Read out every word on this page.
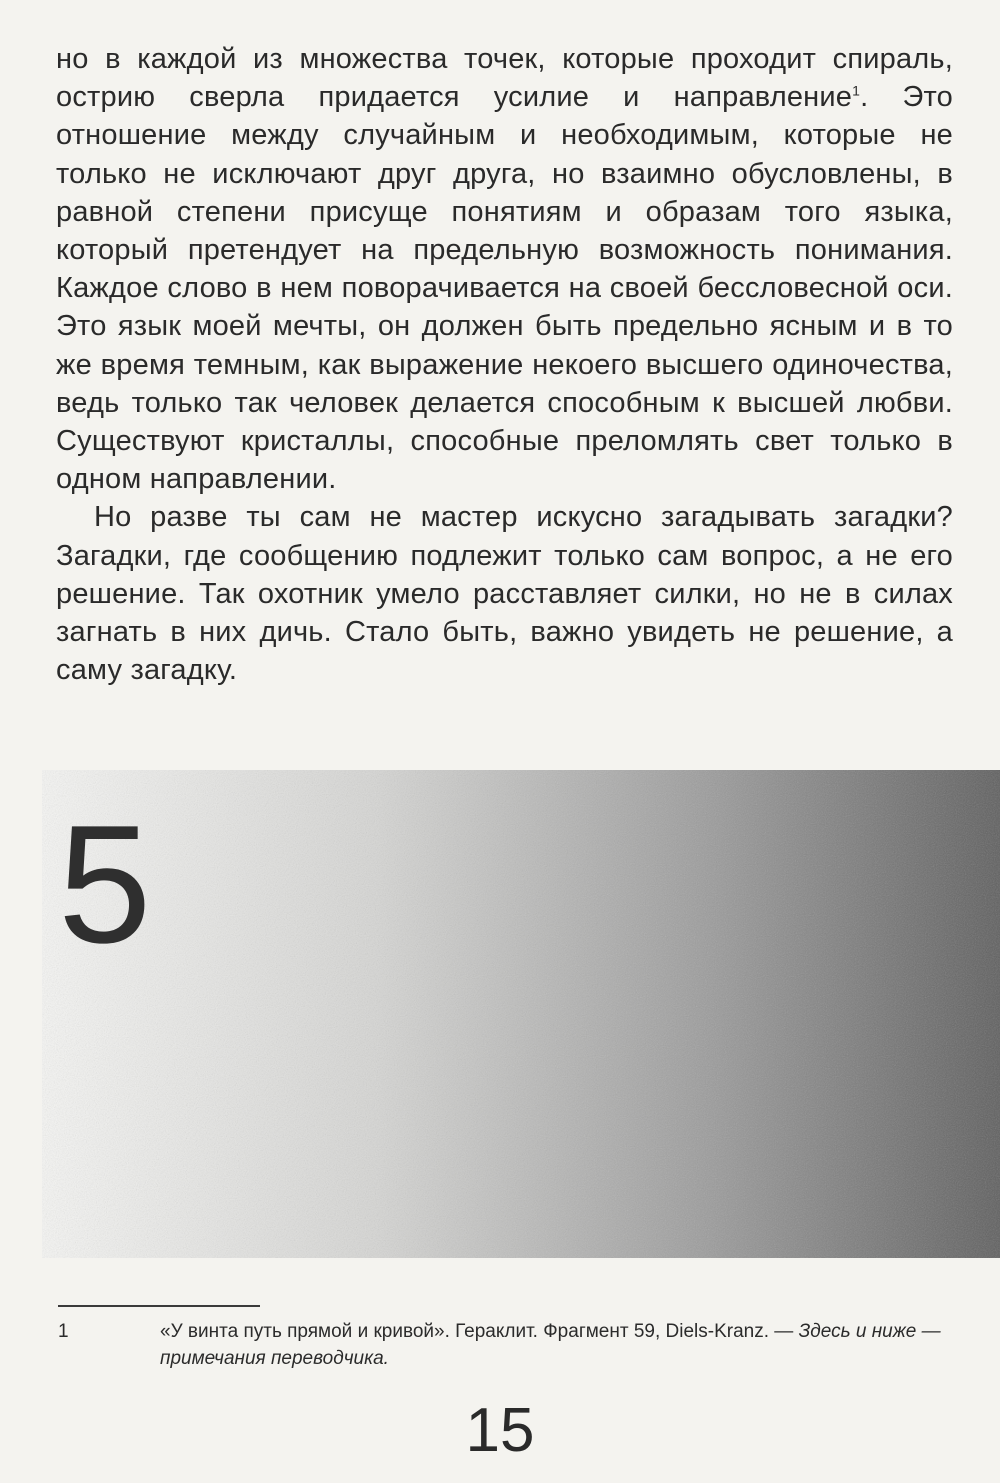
но в каждой из множества точек, которые проходит спираль, острию сверла придается усилие и направление$^1$. Это отношение между случайным и необходимым, которые не только не исключают друг друга, но взаимно обусловлены, в равной степени присуще понятиям и образам того языка, который претендует на предельную возможность понимания. Каждое слово в нем поворачивается на своей бессловесной оси. Это язык моей мечты, он должен быть предельно ясным и в то же время темным, как выражение некоего высшего одиночества, ведь только так человек делается способным к высшей любви. Существуют кристаллы, способные преломлять свет только в одном направлении.

Но разве ты сам не мастер искусно загадывать загадки? Загадки, где сообщению подлежит только сам вопрос, а не его решение. Так охотник умело расставляет силки, но не в силах загнать в них дичь. Стало быть, важно увидеть не решение, а саму загадку.

5
1	«У винта путь прямой и кривой». Гераклит. Фрагмент 59, Diels-Kranz. — Здесь и ниже — примечания переводчика.
15
